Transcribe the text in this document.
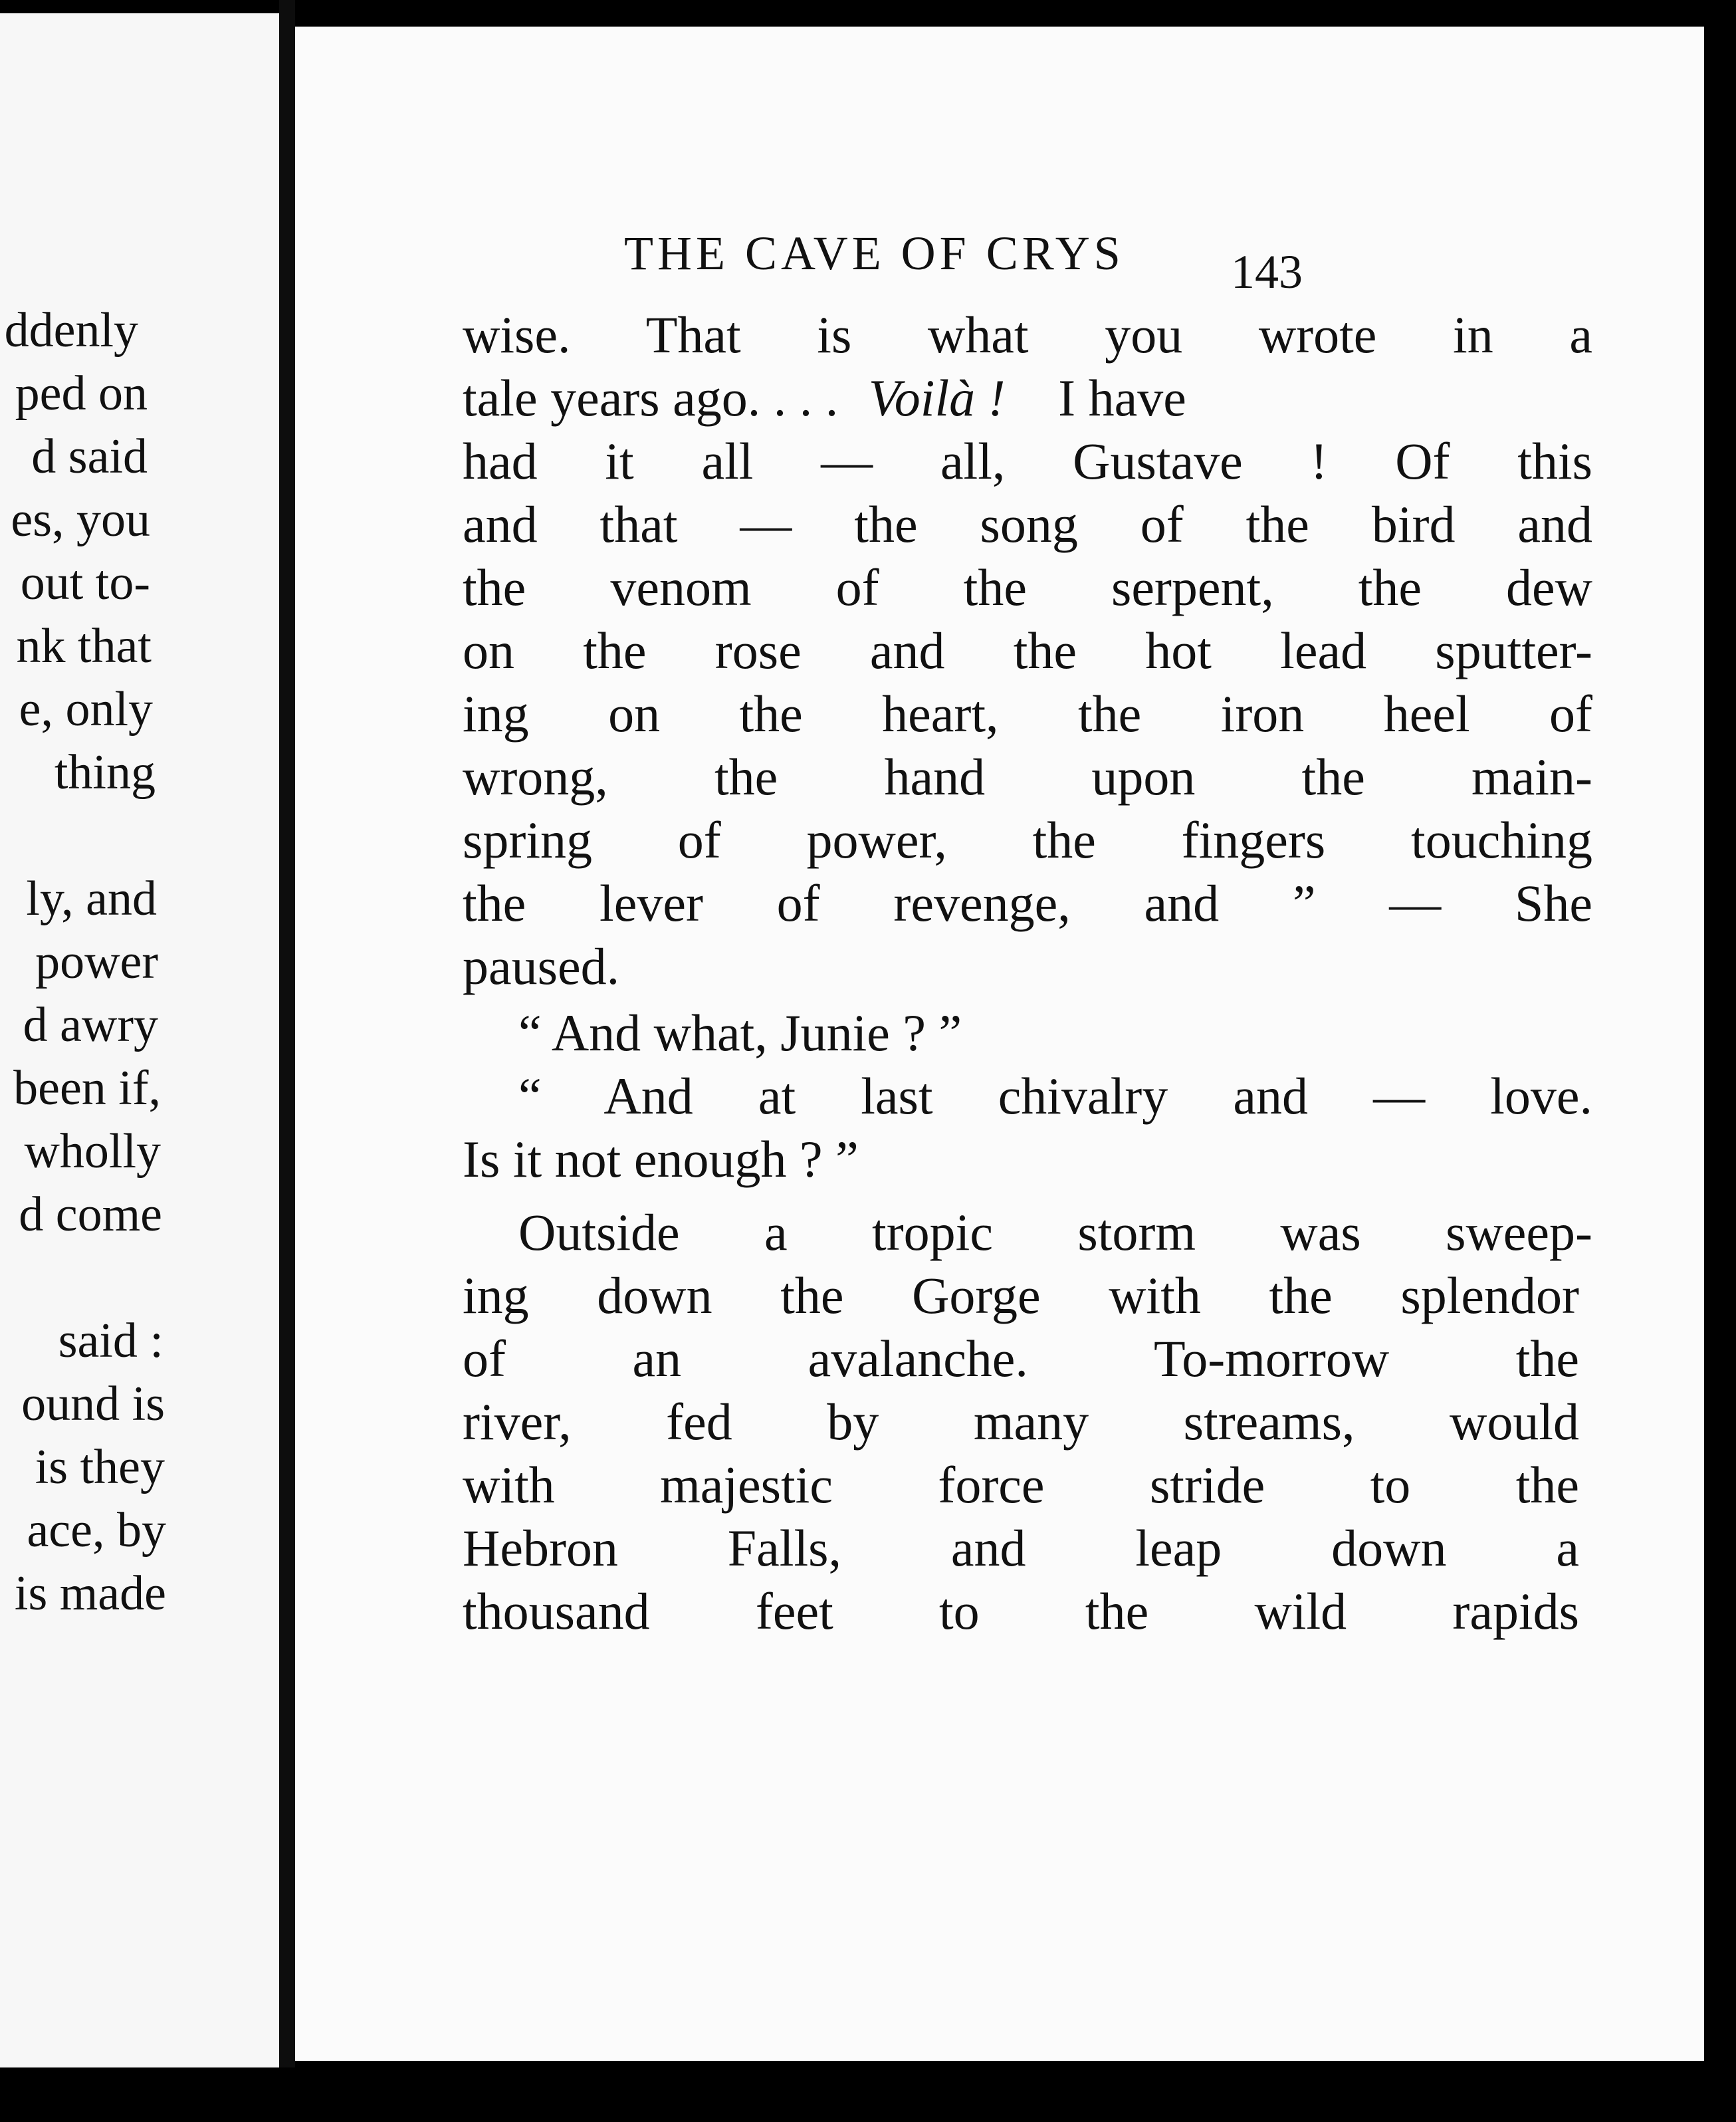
ddenly
ped on
d said
es, you
out to-
nk that
e, only
thing
ly, and
power
d awry
been if,
wholly
d come
said :
ound is
is they
ace, by
is made
THE CAVE OF CRYS 143
wise. That is what you wrote in a
tale years ago. . . . Voilà ! I have
had it all — all, Gustave ! Of this
and that — the song of the bird and
the venom of the serpent, the dew
on the rose and the hot lead sputter-
ing on the heart, the iron heel of
wrong, the hand upon the main-
spring of power, the fingers touching
the lever of revenge, and ” — She
paused.
“ And what, Junie ? ”
“ And at last chivalry and — love.
Is it not enough ? ”
Outside a tropic storm was sweep-
ing down the Gorge with the splendor
of an avalanche. To-morrow the
river, fed by many streams, would
with majestic force stride to the
Hebron Falls, and leap down a
thousand feet to the wild rapids
